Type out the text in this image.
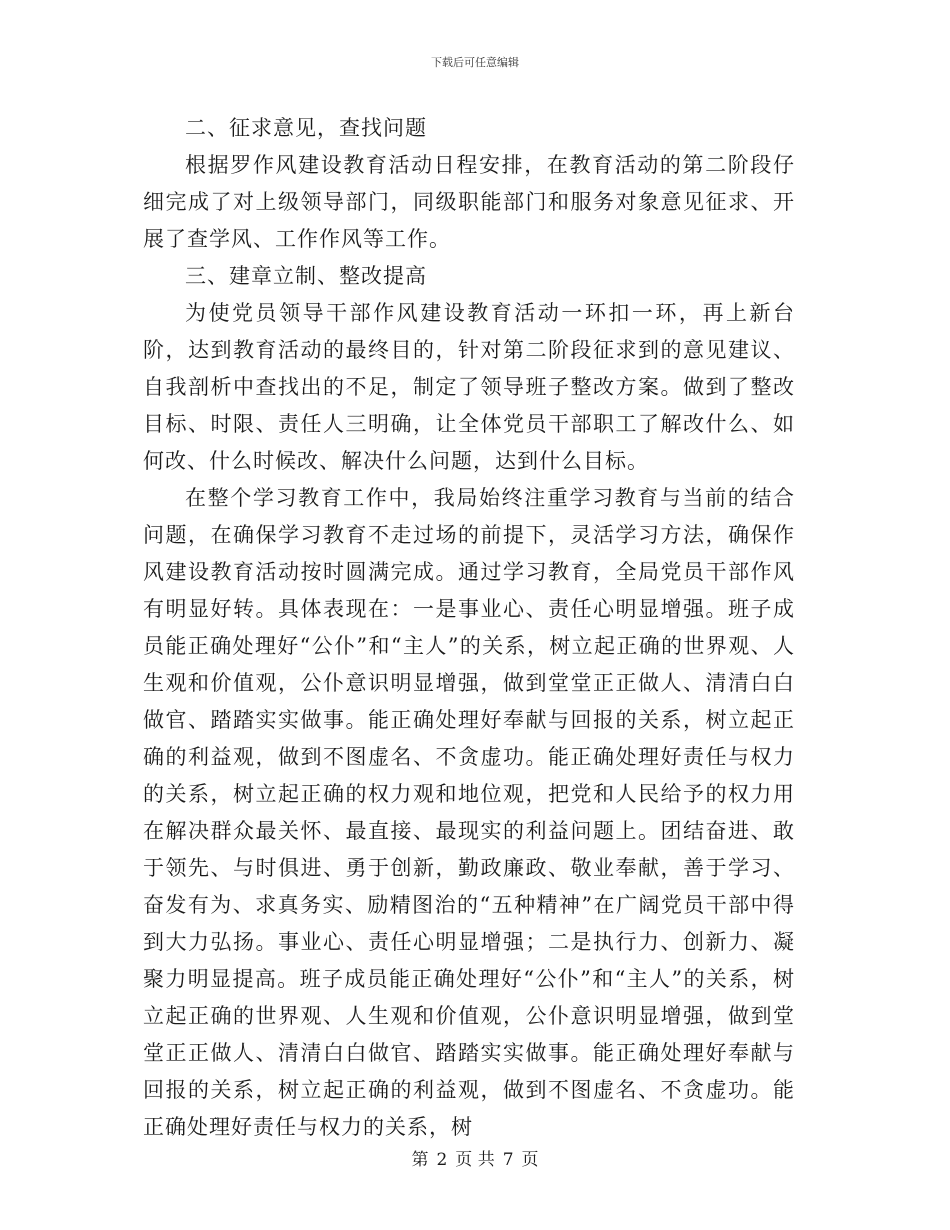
下载后可任意编辑

二、征求意见，查找问题

根据罗作风建设教育活动日程安排，在教育活动的第二阶段仔细完成了对上级领导部门，同级职能部门和服务对象意见征求、开展了查学风、工作作风等工作。

三、建章立制、整改提高

为使党员领导干部作风建设教育活动一环扣一环，再上新台阶，达到教育活动的最终目的，针对第二阶段征求到的意见建议、自我剖析中查找出的不足，制定了领导班子整改方案。做到了整改目标、时限、责任人三明确，让全体党员干部职工了解改什么、如何改、什么时候改、解决什么问题，达到什么目标。

在整个学习教育工作中，我局始终注重学习教育与当前的结合问题，在确保学习教育不走过场的前提下，灵活学习方法，确保作风建设教育活动按时圆满完成。通过学习教育，全局党员干部作风有明显好转。具体表现在：一是事业心、责任心明显增强。班子成员能正确处理好“公仆”和“主人”的关系，树立起正确的世界观、人生观和价值观，公仆意识明显增强，做到堂堂正正做人、清清白白做官、踏踏实实做事。能正确处理好奉献与回报的关系，树立起正确的利益观，做到不图虚名、不贪虚功。能正确处理好责任与权力的关系，树立起正确的权力观和地位观，把党和人民给予的权力用在解决群众最关怀、最直接、最现实的利益问题上。团结奋进、敢于领先、与时俱进、勇于创新，勤政廉政、敬业奉献，善于学习、奋发有为、求真务实、励精图治的“五种精神”在广阔党员干部中得到大力弘扬。事业心、责任心明显增强；二是执行力、创新力、凝聚力明显提高。班子成员能正确处理好“公仆”和“主人”的关系，树立起正确的世界观、人生观和价值观，公仆意识明显增强，做到堂堂正正做人、清清白白做官、踏踏实实做事。能正确处理好奉献与回报的关系，树立起正确的利益观，做到不图虚名、不贪虚功。能正确处理好责任与权力的关系，树

第 2 页 共 7 页
